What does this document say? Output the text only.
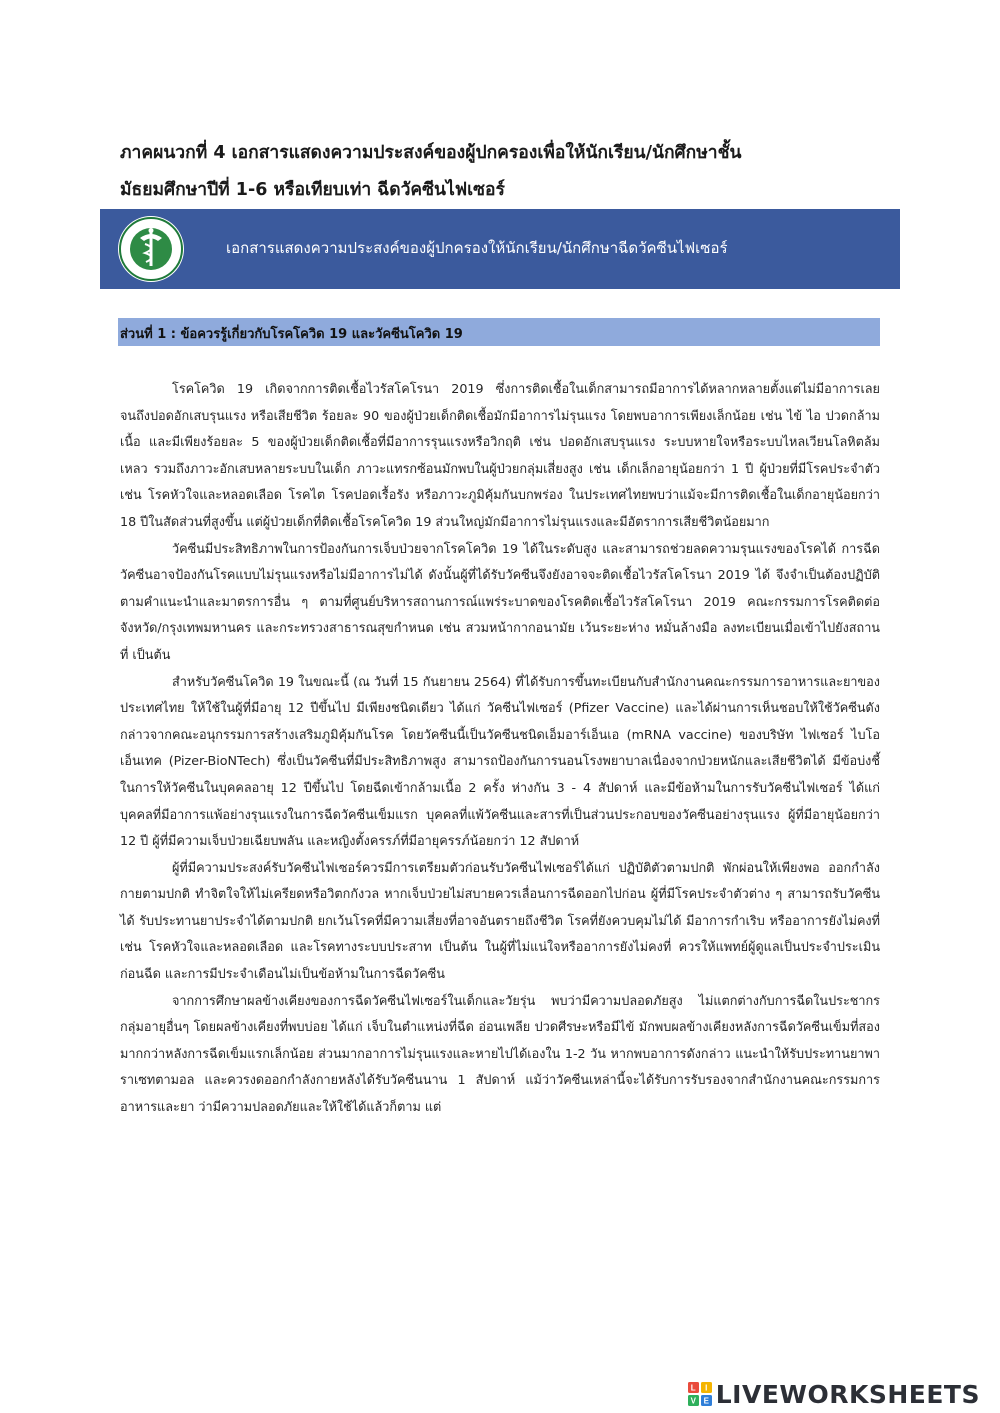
ภาคผนวกที่ 4 เอกสารแสดงความประสงค์ของผู้ปกครองเพื่อให้นักเรียน/นักศึกษาชั้น
มัธยมศึกษาปีที่ 1-6 หรือเทียบเท่า ฉีดวัคซีนไฟเซอร์
เอกสารแสดงความประสงค์ของผู้ปกครองให้นักเรียน/นักศึกษาฉีดวัคซีนไฟเซอร์
ส่วนที่ 1 : ข้อควรรู้เกี่ยวกับโรคโควิด 19 และวัคซีนโควิด 19

โรคโควิด 19 เกิดจากการติดเชื้อไวรัสโคโรนา 2019 ซึ่งการติดเชื้อในเด็กสามารถมีอาการได้หลากหลายตั้งแต่ไม่มีอาการเลย จนถึงปอดอักเสบรุนแรง หรือเสียชีวิต ร้อยละ 90 ของผู้ป่วยเด็กติดเชื้อมักมีอาการไม่รุนแรง โดยพบอาการเพียงเล็กน้อย เช่น ไข้ ไอ ปวดกล้ามเนื้อ และมีเพียงร้อยละ 5 ของผู้ป่วยเด็กติดเชื้อที่มีอาการรุนแรงหรือวิกฤติ เช่น ปอดอักเสบรุนแรง ระบบหายใจหรือระบบไหลเวียนโลหิตล้มเหลว รวมถึงภาวะอักเสบหลายระบบในเด็ก ภาวะแทรกซ้อนมักพบในผู้ป่วยกลุ่มเสี่ยงสูง เช่น เด็กเล็กอายุน้อยกว่า 1 ปี ผู้ป่วยที่มีโรคประจำตัว เช่น โรคหัวใจและหลอดเลือด โรคไต โรคปอดเรื้อรัง หรือภาวะภูมิคุ้มกันบกพร่อง ในประเทศไทยพบว่าแม้จะมีการติดเชื้อในเด็กอายุน้อยกว่า 18 ปีในสัดส่วนที่สูงขึ้น แต่ผู้ป่วยเด็กที่ติดเชื้อโรคโควิด 19 ส่วนใหญ่มักมีอาการไม่รุนแรงและมีอัตราการเสียชีวิตน้อยมาก

วัคซีนมีประสิทธิภาพในการป้องกันการเจ็บป่วยจากโรคโควิด 19 ได้ในระดับสูง และสามารถช่วยลดความรุนแรงของโรคได้ การฉีดวัคซีนอาจป้องกันโรคแบบไม่รุนแรงหรือไม่มีอาการไม่ได้ ดังนั้นผู้ที่ได้รับวัคซีนจึงยังอาจจะติดเชื้อไวรัสโคโรนา 2019 ได้ จึงจำเป็นต้องปฏิบัติตามคำแนะนำและมาตรการอื่น ๆ ตามที่ศูนย์บริหารสถานการณ์แพร่ระบาดของโรคติดเชื้อไวรัสโคโรนา 2019 คณะกรรมการโรคติดต่อจังหวัด/กรุงเทพมหานคร และกระทรวงสาธารณสุขกำหนด เช่น สวมหน้ากากอนามัย เว้นระยะห่าง หมั่นล้างมือ ลงทะเบียนเมื่อเข้าไปยังสถานที่ เป็นต้น

สำหรับวัคซีนโควิด 19 ในขณะนี้ (ณ วันที่ 15 กันยายน 2564) ที่ได้รับการขึ้นทะเบียนกับสำนักงานคณะกรรมการอาหารและยาของประเทศไทย ให้ใช้ในผู้ที่มีอายุ 12 ปีขึ้นไป มีเพียงชนิดเดียว ได้แก่ วัคซีนไฟเซอร์ (Pfizer Vaccine) และได้ผ่านการเห็นชอบให้ใช้วัคซีนดังกล่าวจากคณะอนุกรรมการสร้างเสริมภูมิคุ้มกันโรค โดยวัคซีนนี้เป็นวัคซีนชนิดเอ็มอาร์เอ็นเอ (mRNA vaccine) ของบริษัท ไฟเซอร์ ไบโอเอ็นเทค (Pizer-BioNTech) ซึ่งเป็นวัคซีนที่มีประสิทธิภาพสูง สามารถป้องกันการนอนโรงพยาบาลเนื่องจากป่วยหนักและเสียชีวิตได้ มีข้อบ่งชี้ในการให้วัคซีนในบุคคลอายุ 12 ปีขึ้นไป โดยฉีดเข้ากล้ามเนื้อ 2 ครั้ง ห่างกัน 3 - 4 สัปดาห์ และมีข้อห้ามในการรับวัคซีนไฟเซอร์ ได้แก่ บุคคลที่มีอาการแพ้อย่างรุนแรงในการฉีดวัคซีนเข็มแรก บุคคลที่แพ้วัคซีนและสารที่เป็นส่วนประกอบของวัคซีนอย่างรุนแรง ผู้ที่มีอายุน้อยกว่า 12 ปี ผู้ที่มีความเจ็บป่วยเฉียบพลัน และหญิงตั้งครรภ์ที่มีอายุครรภ์น้อยกว่า 12 สัปดาห์

ผู้ที่มีความประสงค์รับวัคซีนไฟเซอร์ควรมีการเตรียมตัวก่อนรับวัคซีนไฟเซอร์ได้แก่ ปฏิบัติตัวตามปกติ พักผ่อนให้เพียงพอ ออกกำลังกายตามปกติ ทำจิตใจให้ไม่เครียดหรือวิตกกังวล หากเจ็บป่วยไม่สบายควรเลื่อนการฉีดออกไปก่อน ผู้ที่มีโรคประจำตัวต่าง ๆ สามารถรับวัคซีนได้ รับประทานยาประจำได้ตามปกติ ยกเว้นโรคที่มีความเสี่ยงที่อาจอันตรายถึงชีวิต โรคที่ยังควบคุมไม่ได้ มีอาการกำเริบ หรืออาการยังไม่คงที่ เช่น โรคหัวใจและหลอดเลือด และโรคทางระบบประสาท เป็นต้น ในผู้ที่ไม่แน่ใจหรืออาการยังไม่คงที่ ควรให้แพทย์ผู้ดูแลเป็นประจำประเมินก่อนฉีด และการมีประจำเดือนไม่เป็นข้อห้ามในการฉีดวัคซีน

จากการศึกษาผลข้างเคียงของการฉีดวัคซีนไฟเซอร์ในเด็กและวัยรุ่น พบว่ามีความปลอดภัยสูง ไม่แตกต่างกับการฉีดในประชากรกลุ่มอายุอื่นๆ โดยผลข้างเคียงที่พบบ่อย ได้แก่ เจ็บในตำแหน่งที่ฉีด อ่อนเพลีย ปวดศีรษะหรือมีไข้ มักพบผลข้างเคียงหลังการฉีดวัคซีนเข็มที่สองมากกว่าหลังการฉีดเข็มแรกเล็กน้อย ส่วนมากอาการไม่รุนแรงและหายไปได้เองใน 1-2 วัน หากพบอาการดังกล่าว แนะนำให้รับประทานยาพาราเซทตามอล และควรงดออกกำลังกายหลังได้รับวัคซีนนาน 1 สัปดาห์ แม้ว่าวัคซีนเหล่านี้จะได้รับการรับรองจากสำนักงานคณะกรรมการอาหารและยา ว่ามีความปลอดภัยและให้ใช้ได้แล้วก็ตาม แต่

L I
V E LIVEWORKSHEETS
